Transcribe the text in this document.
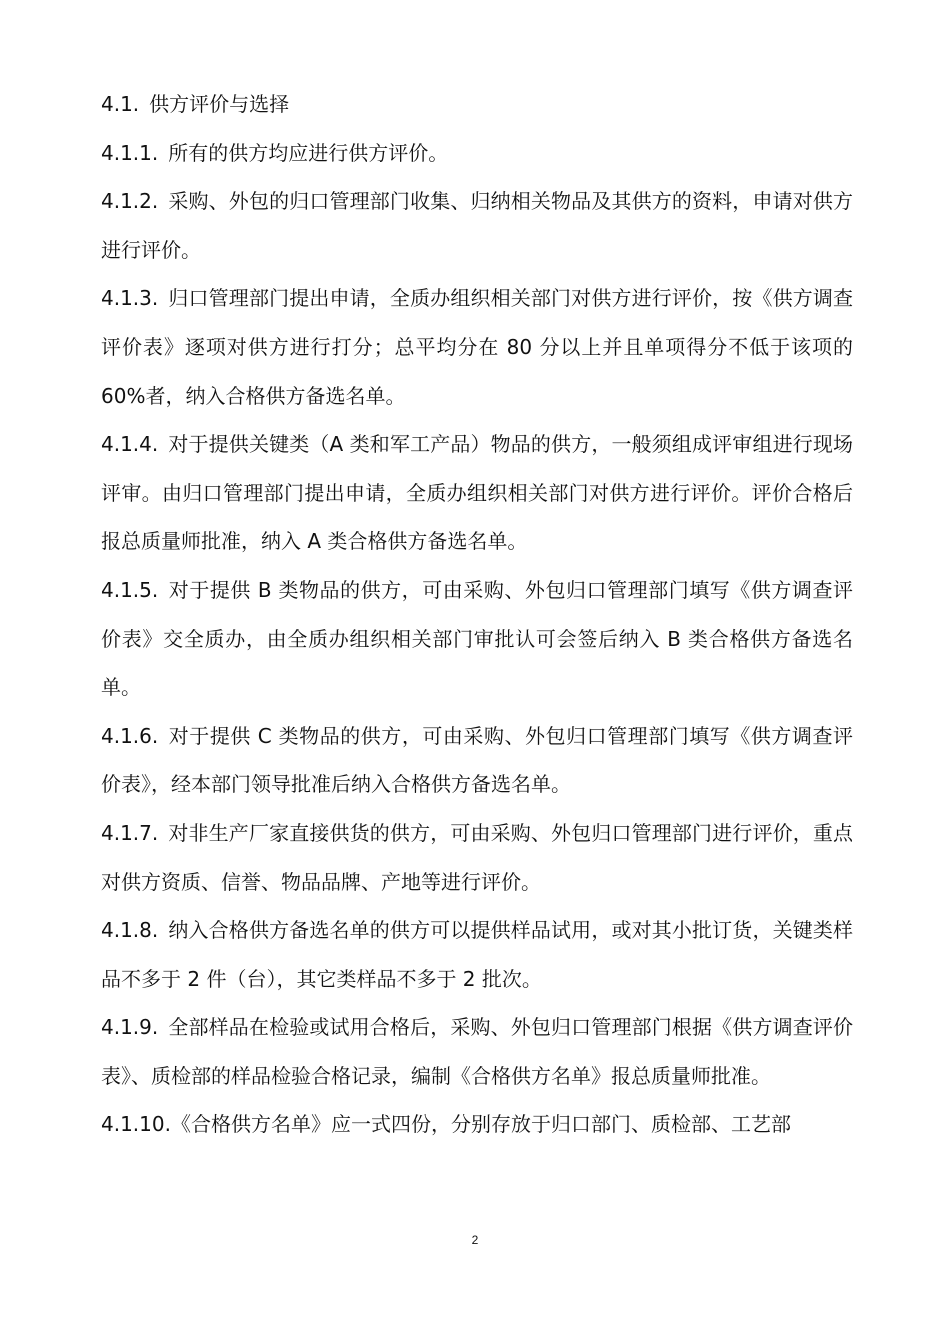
4.1. 供方评价与选择

4.1.1. 所有的供方均应进行供方评价。

4.1.2. 采购、外包的归口管理部门收集、归纳相关物品及其供方的资料，申请对供方进行评价。

4.1.3. 归口管理部门提出申请，全质办组织相关部门对供方进行评价，按《供方调查评价表》逐项对供方进行打分；总平均分在 80 分以上并且单项得分不低于该项的 60%者，纳入合格供方备选名单。

4.1.4. 对于提供关键类（A 类和军工产品）物品的供方，一般须组成评审组进行现场评审。由归口管理部门提出申请，全质办组织相关部门对供方进行评价。评价合格后报总质量师批准，纳入 A 类合格供方备选名单。

4.1.5. 对于提供 B 类物品的供方，可由采购、外包归口管理部门填写《供方调查评价表》交全质办，由全质办组织相关部门审批认可会签后纳入 B 类合格供方备选名单。

4.1.6. 对于提供 C 类物品的供方，可由采购、外包归口管理部门填写《供方调查评价表》，经本部门领导批准后纳入合格供方备选名单。

4.1.7. 对非生产厂家直接供货的供方，可由采购、外包归口管理部门进行评价，重点对供方资质、信誉、物品品牌、产地等进行评价。

4.1.8. 纳入合格供方备选名单的供方可以提供样品试用，或对其小批订货，关键类样品不多于 2 件（台），其它类样品不多于 2 批次。

4.1.9. 全部样品在检验或试用合格后，采购、外包归口管理部门根据《供方调查评价表》、质检部的样品检验合格记录，编制《合格供方名单》报总质量师批准。

4.1.10.《合格供方名单》应一式四份，分别存放于归口部门、质检部、工艺部

2
